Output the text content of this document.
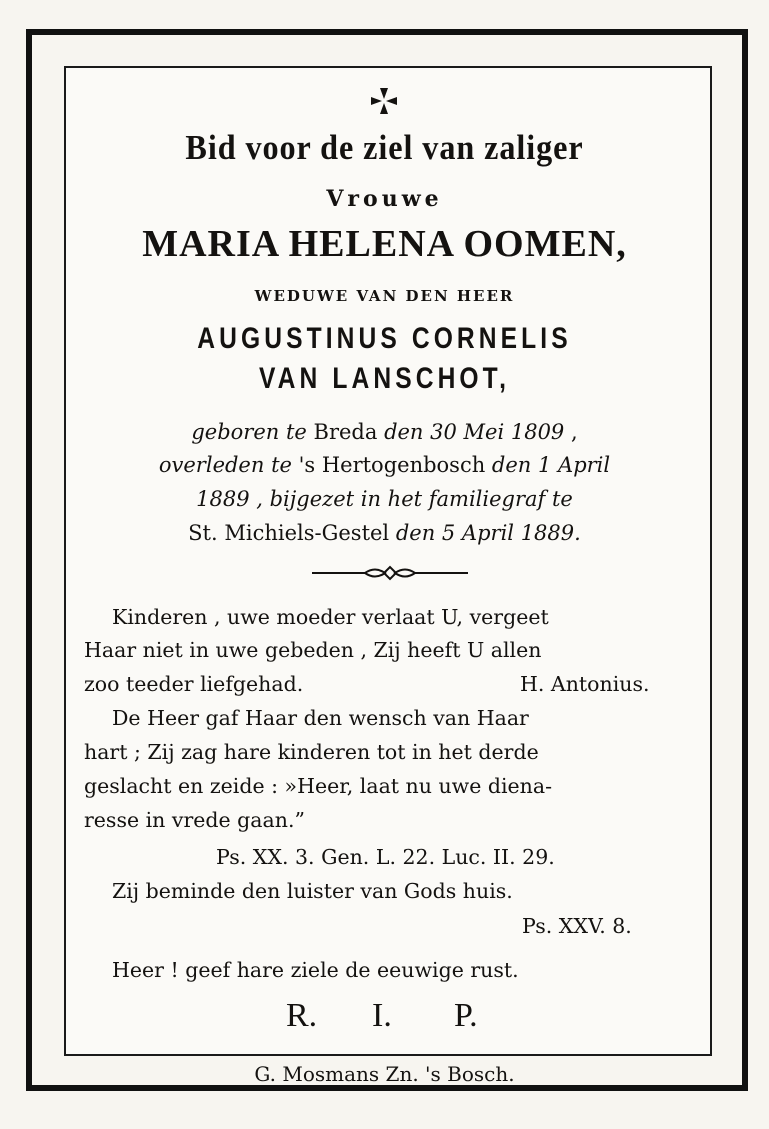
Bid voor de ziel van zaliger
Vrouwe
MARIA HELENA OOMEN,
WEDUWE VAN DEN HEER
AUGUSTINUS CORNELIS
VAN LANSCHOT,
geboren te Breda den 30 Mei 1809 ,
overleden te 's Hertogenbosch den 1 April
1889 , bijgezet in het familiegraf te
St. Michiels-Gestel den 5 April 1889.
Kinderen , uwe moeder verlaat U, vergeet
Haar niet in uwe gebeden , Zij heeft U allen
zoo teeder liefgehad.	H. Antonius.
De Heer gaf Haar den wensch van Haar
hart ; Zij zag hare kinderen tot in het derde
geslacht en zeide : »Heer, laat nu uwe diena-
resse in vrede gaan.”
Ps. XX. 3. Gen. L. 22. Luc. II. 29.
Zij beminde den luister van Gods huis.
Ps. XXV. 8.
Heer ! geef hare ziele de eeuwige rust.
R. I. P.
G. Mosmans Zn. 's Bosch.
